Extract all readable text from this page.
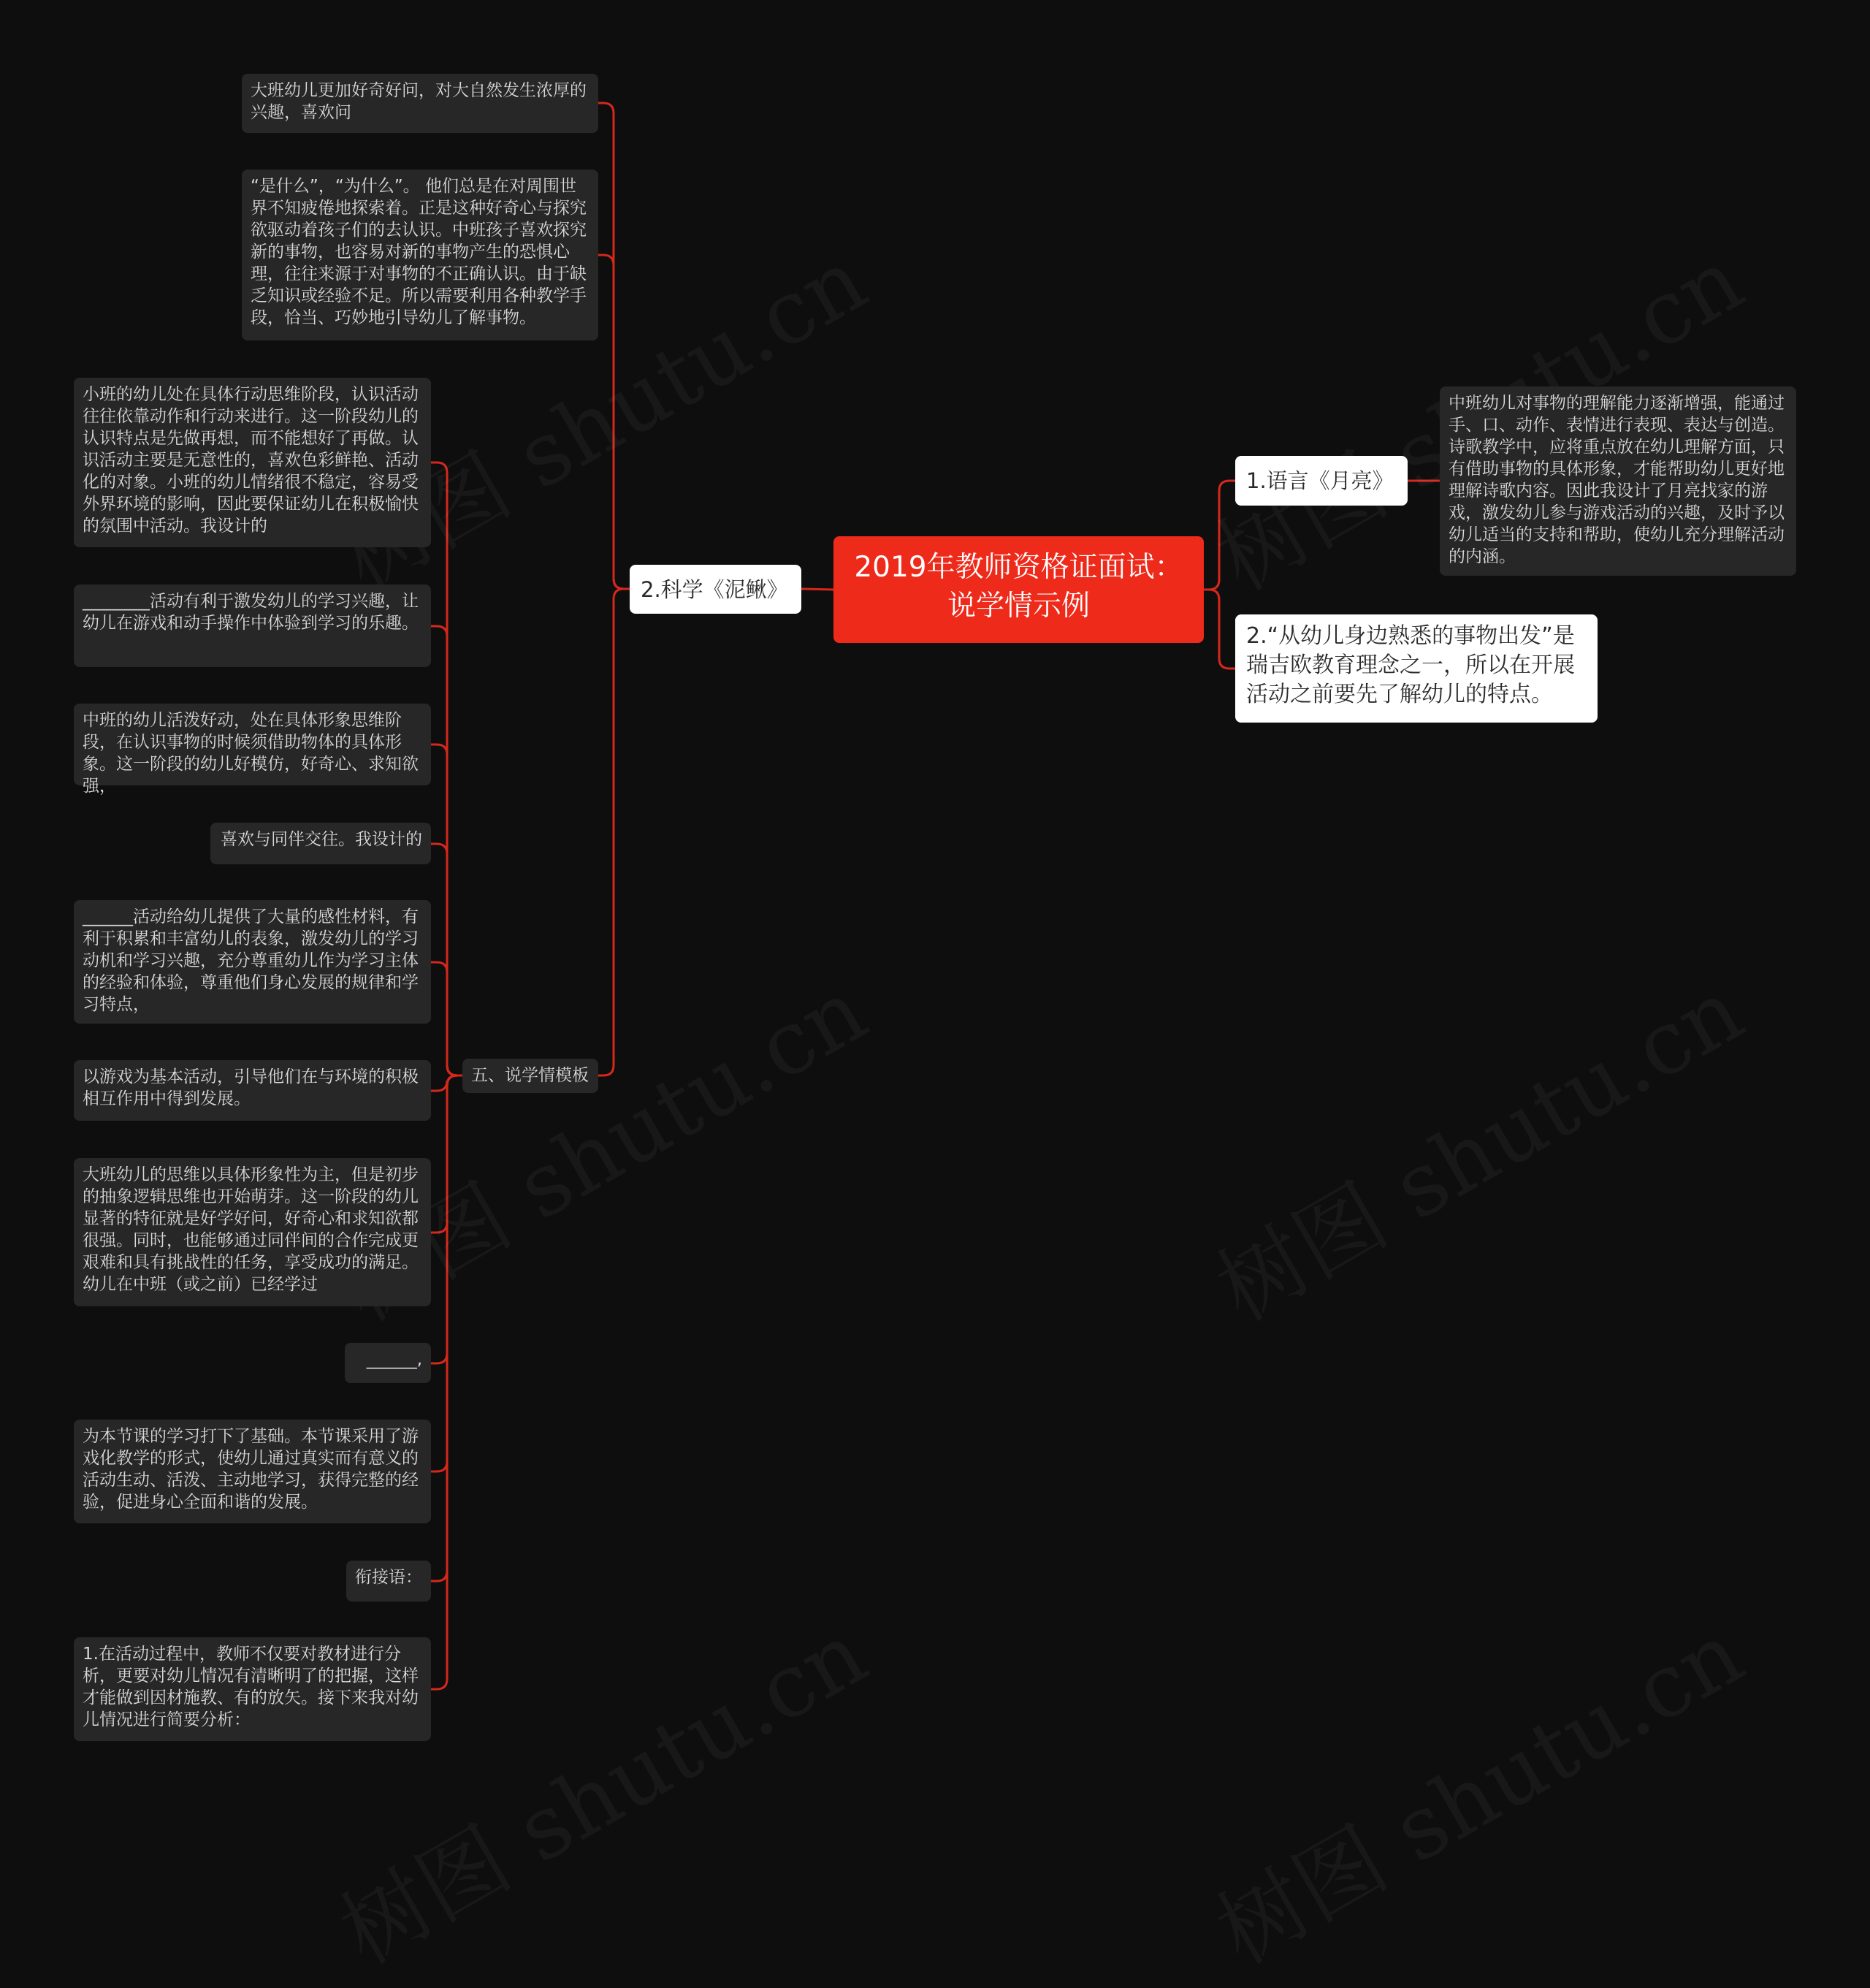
2019年教师资格证面试：
说学情示例
1.语言《月亮》
中班幼儿对事物的理解能力逐渐增强，能通过手、口、动作、表情进行表现、表达与创造。诗歌教学中，应将重点放在幼儿理解方面，只有借助事物的具体形象，才能帮助幼儿更好地理解诗歌内容。因此我设计了月亮找家的游戏，激发幼儿参与游戏活动的兴趣，及时予以幼儿适当的支持和帮助，使幼儿充分理解活动的内涵。
2.“从幼儿身边熟悉的事物出发”是瑞吉欧教育理念之一，所以在开展活动之前要先了解幼儿的特点。
2.科学《泥鳅》
大班幼儿更加好奇好问，对大自然发生浓厚的兴趣，喜欢问
“是什么”，“为什么”。 他们总是在对周围世界不知疲倦地探索着。正是这种好奇心与探究欲驱动着孩子们的去认识。中班孩子喜欢探究新的事物，也容易对新的事物产生的恐惧心理，往往来源于对事物的不正确认识。由于缺乏知识或经验不足。所以需要利用各种教学手段，恰当、巧妙地引导幼儿了解事物。
五、说学情模板
小班的幼儿处在具体行动思维阶段，认识活动往往依靠动作和行动来进行。这一阶段幼儿的认识特点是先做再想，而不能想好了再做。认识活动主要是无意性的，喜欢色彩鲜艳、活动化的对象。小班的幼儿情绪很不稳定，容易受外界环境的影响，因此要保证幼儿在积极愉快的氛围中活动。我设计的
________活动有利于激发幼儿的学习兴趣，让幼儿在游戏和动手操作中体验到学习的乐趣。
中班的幼儿活泼好动，处在具体形象思维阶段，在认识事物的时候须借助物体的具体形象。这一阶段的幼儿好模仿，好奇心、求知欲强，
喜欢与同伴交往。我设计的
______活动给幼儿提供了大量的感性材料，有利于积累和丰富幼儿的表象，激发幼儿的学习动机和学习兴趣，充分尊重幼儿作为学习主体的经验和体验，尊重他们身心发展的规律和学习特点，
以游戏为基本活动，引导他们在与环境的积极相互作用中得到发展。
大班幼儿的思维以具体形象性为主，但是初步的抽象逻辑思维也开始萌芽。这一阶段的幼儿显著的特征就是好学好问，好奇心和求知欲都很强。同时，也能够通过同伴间的合作完成更艰难和具有挑战性的任务，享受成功的满足。幼儿在中班（或之前）已经学过
______,
为本节课的学习打下了基础。本节课采用了游戏化教学的形式，使幼儿通过真实而有意义的活动生动、活泼、主动地学习，获得完整的经验，促进身心全面和谐的发展。
衔接语：
1.在活动过程中，教师不仅要对教材进行分析，更要对幼儿情况有清晰明了的把握，这样才能做到因材施教、有的放矢。接下来我对幼儿情况进行简要分析：
